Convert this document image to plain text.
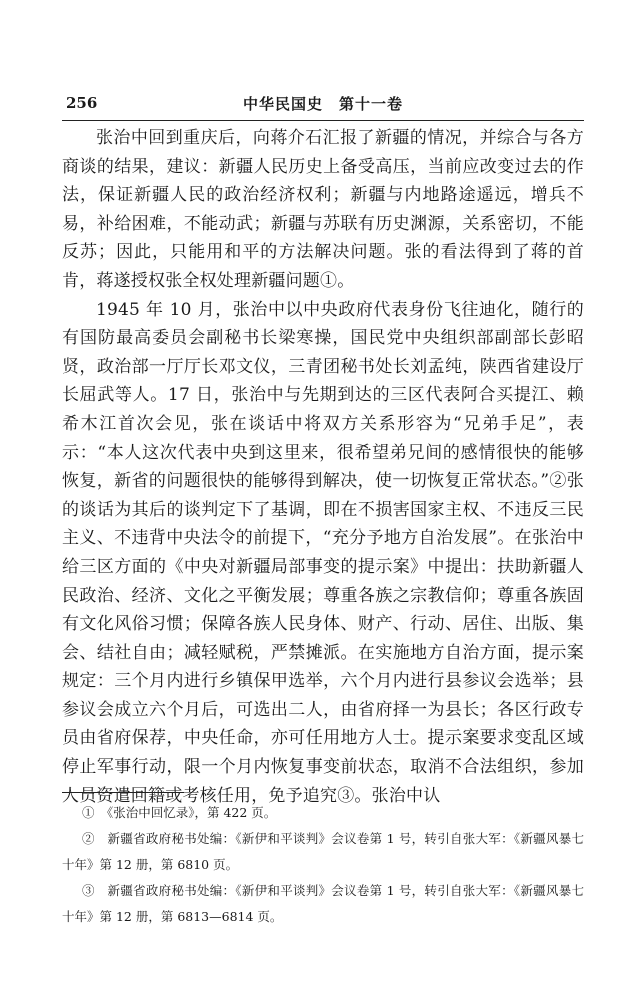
256	中华民国史　第十一卷

张治中回到重庆后，向蒋介石汇报了新疆的情况，并综合与各方商谈的结果，建议：新疆人民历史上备受高压，当前应改变过去的作法，保证新疆人民的政治经济权利；新疆与内地路途遥远，增兵不易，补给困难，不能动武；新疆与苏联有历史渊源，关系密切，不能反苏；因此，只能用和平的方法解决问题。张的看法得到了蒋的首肯，蒋遂授权张全权处理新疆问题①。

1945 年 10 月，张治中以中央政府代表身份飞往迪化，随行的有国防最高委员会副秘书长梁寒操，国民党中央组织部副部长彭昭贤，政治部一厅厅长邓文仪，三青团秘书处长刘孟纯，陕西省建设厅长屈武等人。17 日，张治中与先期到达的三区代表阿合买提江、赖希木江首次会见，张在谈话中将双方关系形容为“兄弟手足”，表示：“本人这次代表中央到这里来，很希望弟兄间的感情很快的能够恢复，新省的问题很快的能够得到解决，使一切恢复正常状态。”②张的谈话为其后的谈判定下了基调，即在不损害国家主权、不违反三民主义、不违背中央法令的前提下，“充分予地方自治发展”。在张治中给三区方面的《中央对新疆局部事变的提示案》中提出：扶助新疆人民政治、经济、文化之平衡发展；尊重各族之宗教信仰；尊重各族固有文化风俗习惯；保障各族人民身体、财产、行动、居住、出版、集会、结社自由；减轻赋税，严禁摊派。在实施地方自治方面，提示案规定：三个月内进行乡镇保甲选举，六个月内进行县参议会选举；县参议会成立六个月后，可选出二人，由省府择一为县长；各区行政专员由省府保荐，中央任命，亦可任用地方人士。提示案要求变乱区域停止军事行动，限一个月内恢复事变前状态，取消不合法组织，参加人员资遣回籍或考核任用，免予追究③。张治中认

①　《张治中回忆录》，第 422 页。

②　新疆省政府秘书处编：《新伊和平谈判》会议卷第 1 号，转引自张大军：《新疆风暴七十年》第 12 册，第 6810 页。

③　新疆省政府秘书处编：《新伊和平谈判》会议卷第 1 号，转引自张大军：《新疆风暴七十年》第 12 册，第 6813—6814 页。
